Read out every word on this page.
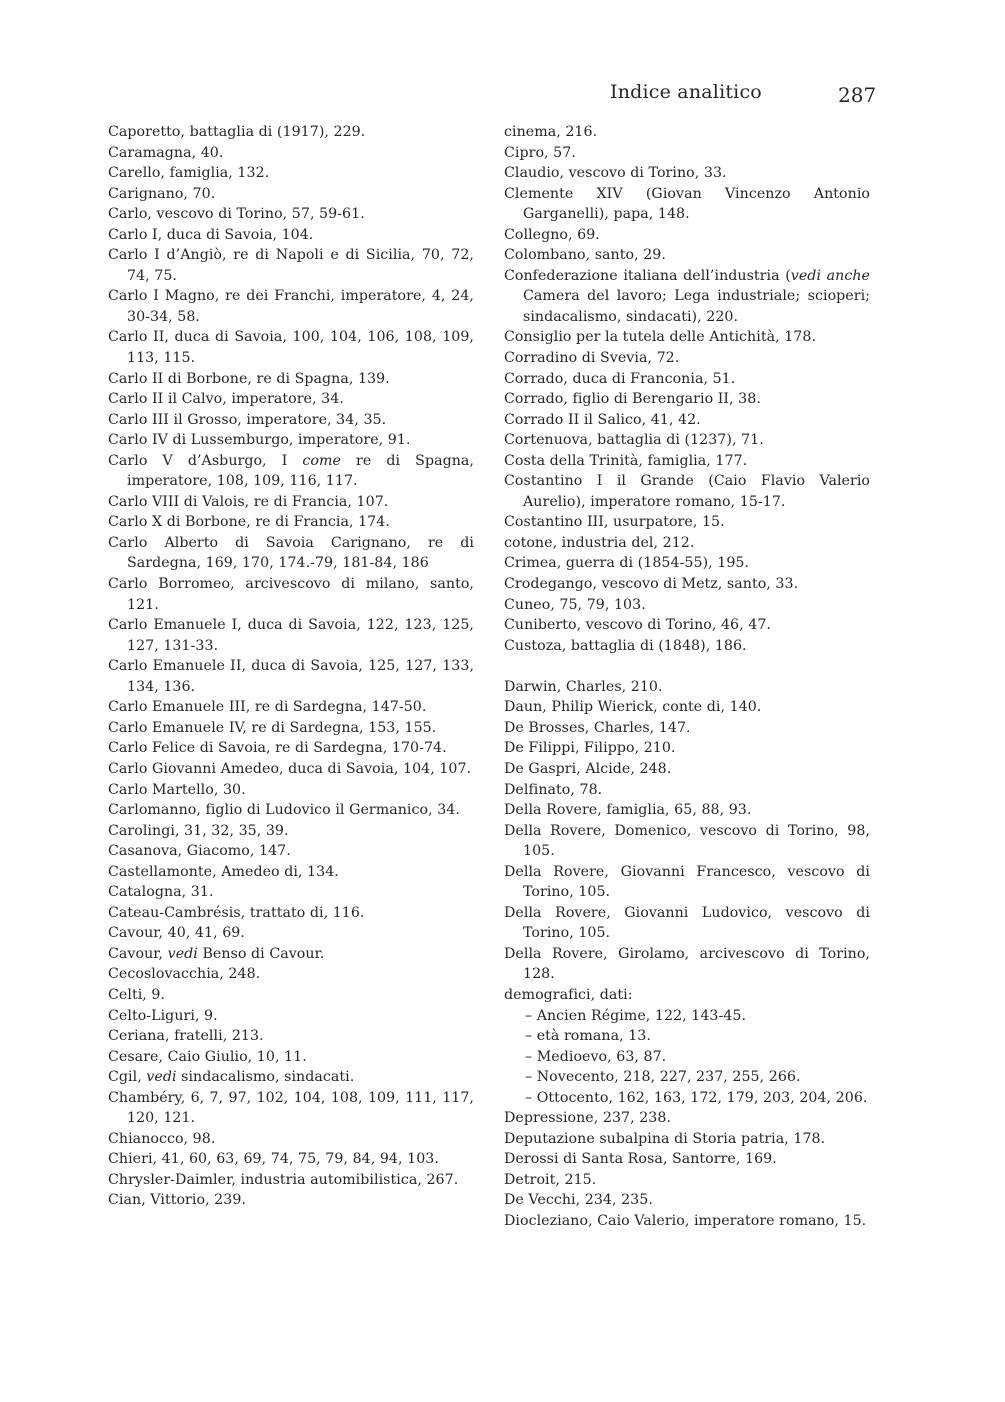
Indice analitico	287

Caporetto, battaglia di (1917), 229.

Caramagna, 40.

Carello, famiglia, 132.

Carignano, 70.

Carlo, vescovo di Torino, 57, 59-61.

Carlo I, duca di Savoia, 104.

Carlo I d’Angiò, re di Napoli e di Sicilia, 70, 72, 74, 75.

Carlo I Magno, re dei Franchi, imperatore, 4, 24, 30-34, 58.

Carlo II, duca di Savoia, 100, 104, 106, 108, 109, 113, 115.

Carlo II di Borbone, re di Spagna, 139.

Carlo II il Calvo, imperatore, 34.

Carlo III il Grosso, imperatore, 34, 35.

Carlo IV di Lussemburgo, imperatore, 91.

Carlo V d’Asburgo, I come re di Spagna, imperatore, 108, 109, 116, 117.

Carlo VIII di Valois, re di Francia, 107.

Carlo X di Borbone, re di Francia, 174.

Carlo Alberto di Savoia Carignano, re di Sardegna, 169, 170, 174.-79, 181-84, 186

Carlo Borromeo, arcivescovo di milano, santo, 121.

Carlo Emanuele I, duca di Savoia, 122, 123, 125, 127, 131-33.

Carlo Emanuele II, duca di Savoia, 125, 127, 133, 134, 136.

Carlo Emanuele III, re di Sardegna, 147-50.

Carlo Emanuele IV, re di Sardegna, 153, 155.

Carlo Felice di Savoia, re di Sardegna, 170-74.

Carlo Giovanni Amedeo, duca di Savoia, 104, 107.

Carlo Martello, 30.

Carlomanno, figlio di Ludovico il Germanico, 34.

Carolingi, 31, 32, 35, 39.

Casanova, Giacomo, 147.

Castellamonte, Amedeo di, 134.

Catalogna, 31.

Cateau-Cambrésis, trattato di, 116.

Cavour, 40, 41, 69.

Cavour, vedi Benso di Cavour.

Cecoslovacchia, 248.

Celti, 9.

Celto-Liguri, 9.

Ceriana, fratelli, 213.

Cesare, Caio Giulio, 10, 11.

Cgil, vedi sindacalismo, sindacati.

Chambéry, 6, 7, 97, 102, 104, 108, 109, 111, 117, 120, 121.

Chianocco, 98.

Chieri, 41, 60, 63, 69, 74, 75, 79, 84, 94, 103.

Chrysler-Daimler, industria automibilistica, 267.

Cian, Vittorio, 239.

cinema, 216.

Cipro, 57.

Claudio, vescovo di Torino, 33.

Clemente XIV (Giovan Vincenzo Antonio Garganelli), papa, 148.

Collegno, 69.

Colombano, santo, 29.

Confederazione italiana dell’industria (vedi anche Camera del lavoro; Lega industriale; scioperi; sindacalismo, sindacati), 220.

Consiglio per la tutela delle Antichità, 178.

Corradino di Svevia, 72.

Corrado, duca di Franconia, 51.

Corrado, figlio di Berengario II, 38.

Corrado II il Salico, 41, 42.

Cortenuova, battaglia di (1237), 71.

Costa della Trinità, famiglia, 177.

Costantino I il Grande (Caio Flavio Valerio Aurelio), imperatore romano, 15-17.

Costantino III, usurpatore, 15.

cotone, industria del, 212.

Crimea, guerra di (1854-55), 195.

Crodegango, vescovo di Metz, santo, 33.

Cuneo, 75, 79, 103.

Cuniberto, vescovo di Torino, 46, 47.

Custoza, battaglia di (1848), 186.

Darwin, Charles, 210.

Daun, Philip Wierick, conte di, 140.

De Brosses, Charles, 147.

De Filippi, Filippo, 210.

De Gaspri, Alcide, 248.

Delfinato, 78.

Della Rovere, famiglia, 65, 88, 93.

Della Rovere, Domenico, vescovo di Torino, 98, 105.

Della Rovere, Giovanni Francesco, vescovo di Torino, 105.

Della Rovere, Giovanni Ludovico, vescovo di Torino, 105.

Della Rovere, Girolamo, arcivescovo di Torino, 128.

demografici, dati:

– Ancien Régime, 122, 143-45.

– età romana, 13.

– Medioevo, 63, 87.

– Novecento, 218, 227, 237, 255, 266.

– Ottocento, 162, 163, 172, 179, 203, 204, 206.

Depressione, 237, 238.

Deputazione subalpina di Storia patria, 178.

Derossi di Santa Rosa, Santorre, 169.

Detroit, 215.

De Vecchi, 234, 235.

Diocleziano, Caio Valerio, imperatore romano, 15.
